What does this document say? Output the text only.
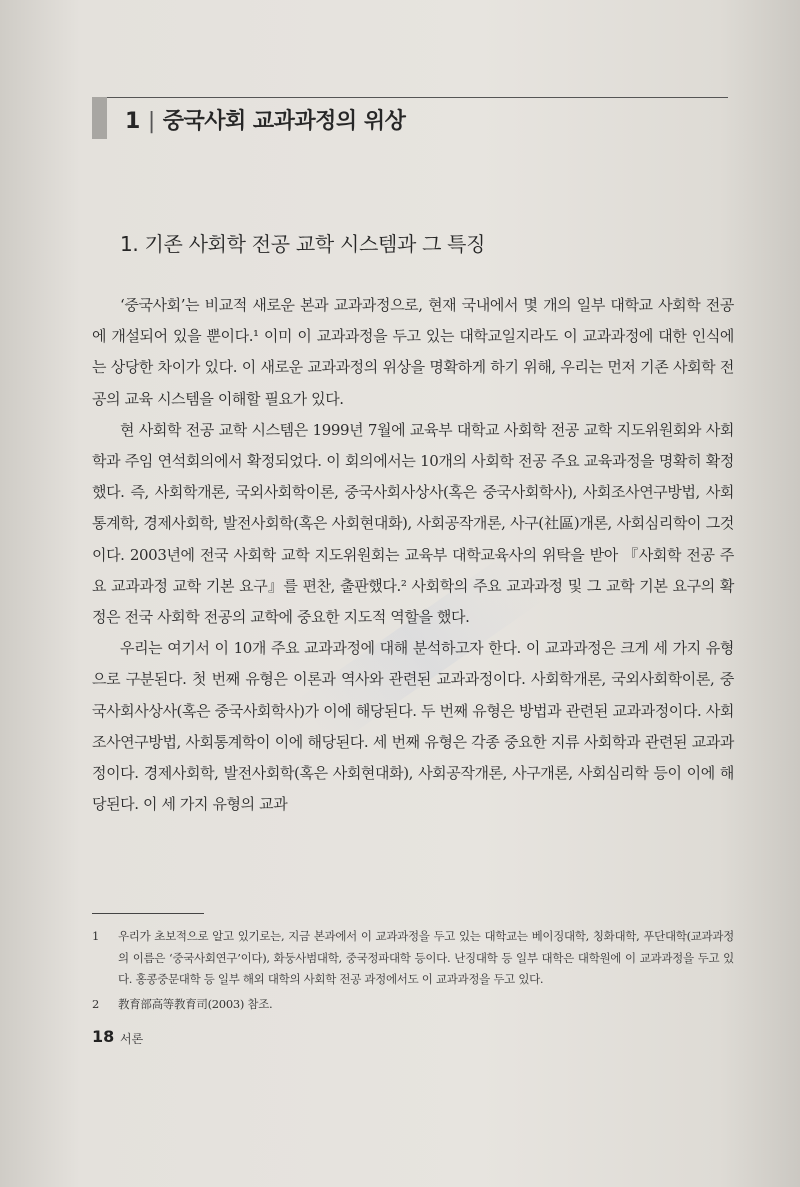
1 | 중국사회 교과과정의 위상
1. 기존 사회학 전공 교학 시스템과 그 특징

‘중국사회’는 비교적 새로운 본과 교과과정으로, 현재 국내에서 몇 개의 일부 대학교 사회학 전공에 개설되어 있을 뿐이다.¹ 이미 이 교과과정을 두고 있는 대학교일지라도 이 교과과정에 대한 인식에는 상당한 차이가 있다. 이 새로운 교과과정의 위상을 명확하게 하기 위해, 우리는 먼저 기존 사회학 전공의 교육 시스템을 이해할 필요가 있다.

현 사회학 전공 교학 시스템은 1999년 7월에 교육부 대학교 사회학 전공 교학 지도위원회와 사회학과 주임 연석회의에서 확정되었다. 이 회의에서는 10개의 사회학 전공 주요 교육과정을 명확히 확정했다. 즉, 사회학개론, 국외사회학이론, 중국사회사상사(혹은 중국사회학사), 사회조사연구방법, 사회통계학, 경제사회학, 발전사회학(혹은 사회현대화), 사회공작개론, 사구(社區)개론, 사회심리학이 그것이다. 2003년에 전국 사회학 교학 지도위원회는 교육부 대학교육사의 위탁을 받아 『사회학 전공 주요 교과과정 교학 기본 요구』를 편찬, 출판했다.² 사회학의 주요 교과과정 및 그 교학 기본 요구의 확정은 전국 사회학 전공의 교학에 중요한 지도적 역할을 했다.

우리는 여기서 이 10개 주요 교과과정에 대해 분석하고자 한다. 이 교과과정은 크게 세 가지 유형으로 구분된다. 첫 번째 유형은 이론과 역사와 관련된 교과과정이다. 사회학개론, 국외사회학이론, 중국사회사상사(혹은 중국사회학사)가 이에 해당된다. 두 번째 유형은 방법과 관련된 교과과정이다. 사회조사연구방법, 사회통계학이 이에 해당된다. 세 번째 유형은 각종 중요한 지류 사회학과 관련된 교과과정이다. 경제사회학, 발전사회학(혹은 사회현대화), 사회공작개론, 사구개론, 사회심리학 등이 이에 해당된다. 이 세 가지 유형의 교과

1	우리가 초보적으로 알고 있기로는, 지금 본과에서 이 교과과정을 두고 있는 대학교는 베이징대학, 칭화대학, 푸단대학(교과과정의 이름은 ‘중국사회연구’이다), 화둥사범대학, 중국정파대학 등이다. 난징대학 등 일부 대학은 대학원에 이 교과과정을 두고 있다. 홍콩중문대학 등 일부 해외 대학의 사회학 전공 과정에서도 이 교과과정을 두고 있다.
2	教育部高等教育司(2003) 참조.
18 서론
